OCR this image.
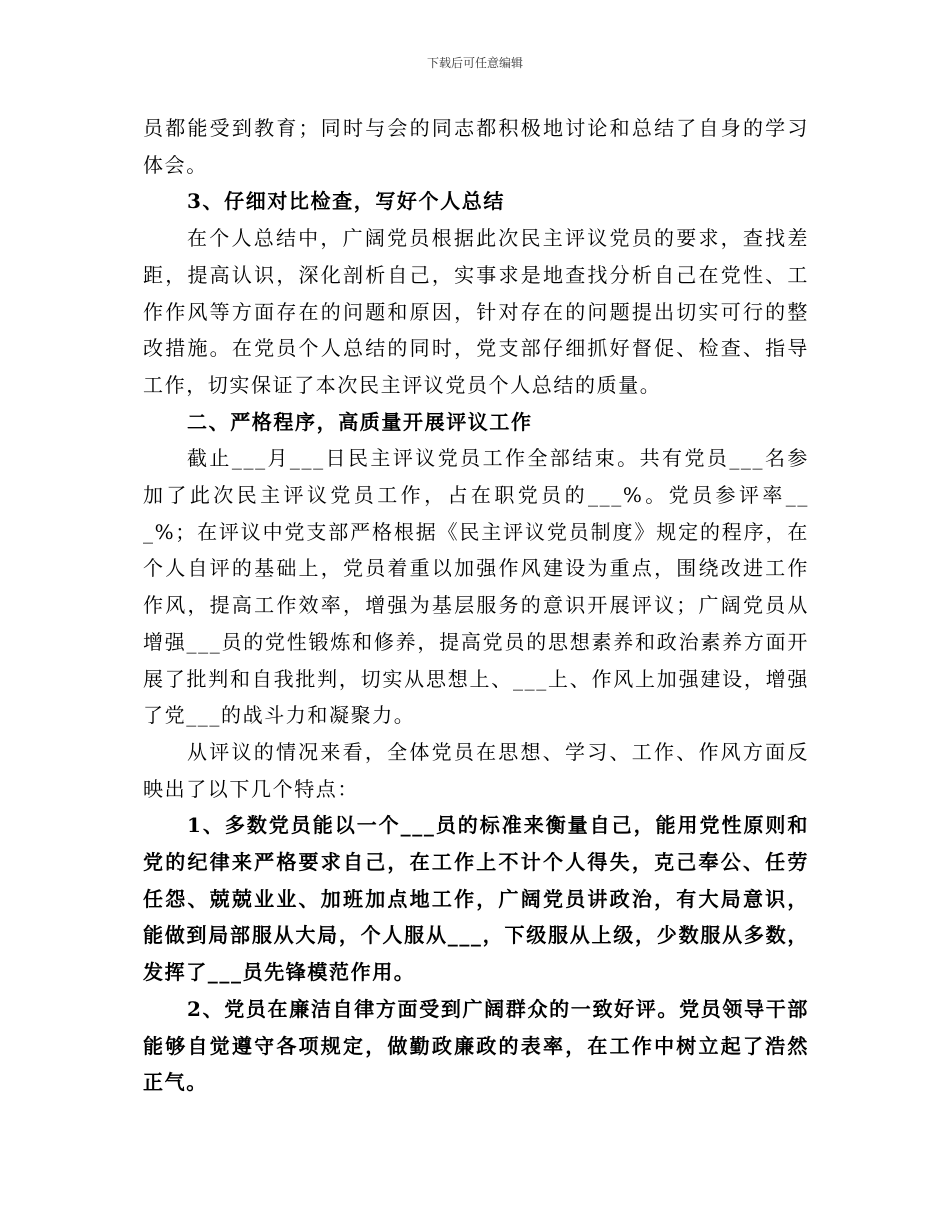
下载后可任意编辑

员都能受到教育；同时与会的同志都积极地讨论和总结了自身的学习体会。

3、仔细对比检查，写好个人总结

在个人总结中，广阔党员根据此次民主评议党员的要求，查找差距，提高认识，深化剖析自己，实事求是地查找分析自己在党性、工作作风等方面存在的问题和原因，针对存在的问题提出切实可行的整改措施。在党员个人总结的同时，党支部仔细抓好督促、检查、指导工作，切实保证了本次民主评议党员个人总结的质量。

二、严格程序，高质量开展评议工作

截止___月___日民主评议党员工作全部结束。共有党员___名参加了此次民主评议党员工作，占在职党员的___%。党员参评率___%；在评议中党支部严格根据《民主评议党员制度》规定的程序，在个人自评的基础上，党员着重以加强作风建设为重点，围绕改进工作作风，提高工作效率，增强为基层服务的意识开展评议；广阔党员从增强___员的党性锻炼和修养，提高党员的思想素养和政治素养方面开展了批判和自我批判，切实从思想上、___上、作风上加强建设，增强了党___的战斗力和凝聚力。

从评议的情况来看，全体党员在思想、学习、工作、作风方面反映出了以下几个特点：

1、多数党员能以一个___员的标准来衡量自己，能用党性原则和党的纪律来严格要求自己，在工作上不计个人得失，克己奉公、任劳任怨、兢兢业业、加班加点地工作，广阔党员讲政治，有大局意识，能做到局部服从大局，个人服从___，下级服从上级，少数服从多数，发挥了___员先锋模范作用。

2、党员在廉洁自律方面受到广阔群众的一致好评。党员领导干部能够自觉遵守各项规定，做勤政廉政的表率，在工作中树立起了浩然正气。
